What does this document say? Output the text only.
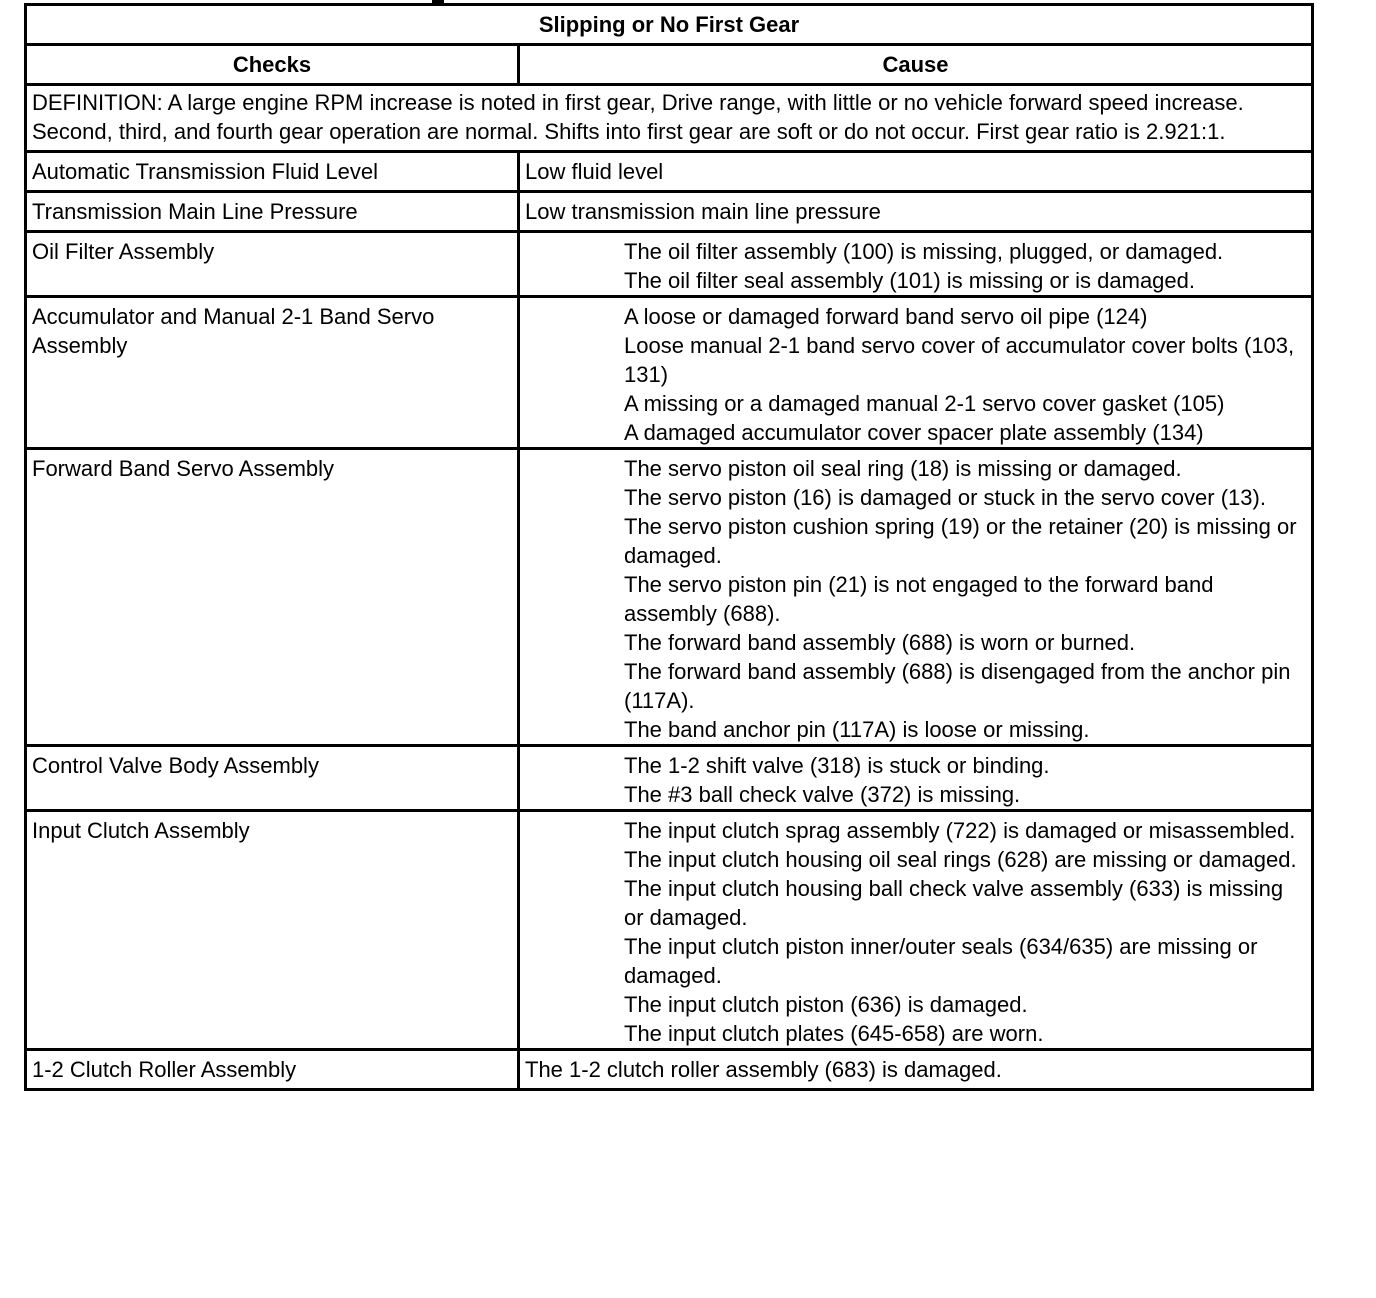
Slipping or No First Gear	
Checks	Cause
DEFINITION: A large engine RPM increase is noted in first gear, Drive range, with little or no vehicle forward speed increase. Second, third, and fourth gear operation are normal. Shifts into first gear are soft or do not occur. First gear ratio is 2.921:1.	
Automatic Transmission Fluid Level	Low fluid level

Transmission Main Line Pressure	Low transmission main line pressure

Oil Filter Assembly	The oil filter assembly (100) is missing, plugged, or damaged.
The oil filter seal assembly (101) is missing or is damaged.

Accumulator and Manual 2-1 Band Servo Assembly	A loose or damaged forward band servo oil pipe (124)
Loose manual 2-1 band servo cover of accumulator cover bolts (103, 131)
A missing or a damaged manual 2-1 servo cover gasket (105)
A damaged accumulator cover spacer plate assembly (134)

Forward Band Servo Assembly	The servo piston oil seal ring (18) is missing or damaged.
The servo piston (16) is damaged or stuck in the servo cover (13).
The servo piston cushion spring (19) or the retainer (20) is missing or damaged.
The servo piston pin (21) is not engaged to the forward band assembly (688).
The forward band assembly (688) is worn or burned.
The forward band assembly (688) is disengaged from the anchor pin (117A).
The band anchor pin (117A) is loose or missing.

Control Valve Body Assembly	The 1-2 shift valve (318) is stuck or binding.
The #3 ball check valve (372) is missing.

Input Clutch Assembly	The input clutch sprag assembly (722) is damaged or misassembled.
The input clutch housing oil seal rings (628) are missing or damaged.
The input clutch housing ball check valve assembly (633) is missing or damaged.
The input clutch piston inner/outer seals (634/635) are missing or damaged.
The input clutch piston (636) is damaged.
The input clutch plates (645-658) are worn.

1-2 Clutch Roller Assembly	The 1-2 clutch roller assembly (683) is damaged.
